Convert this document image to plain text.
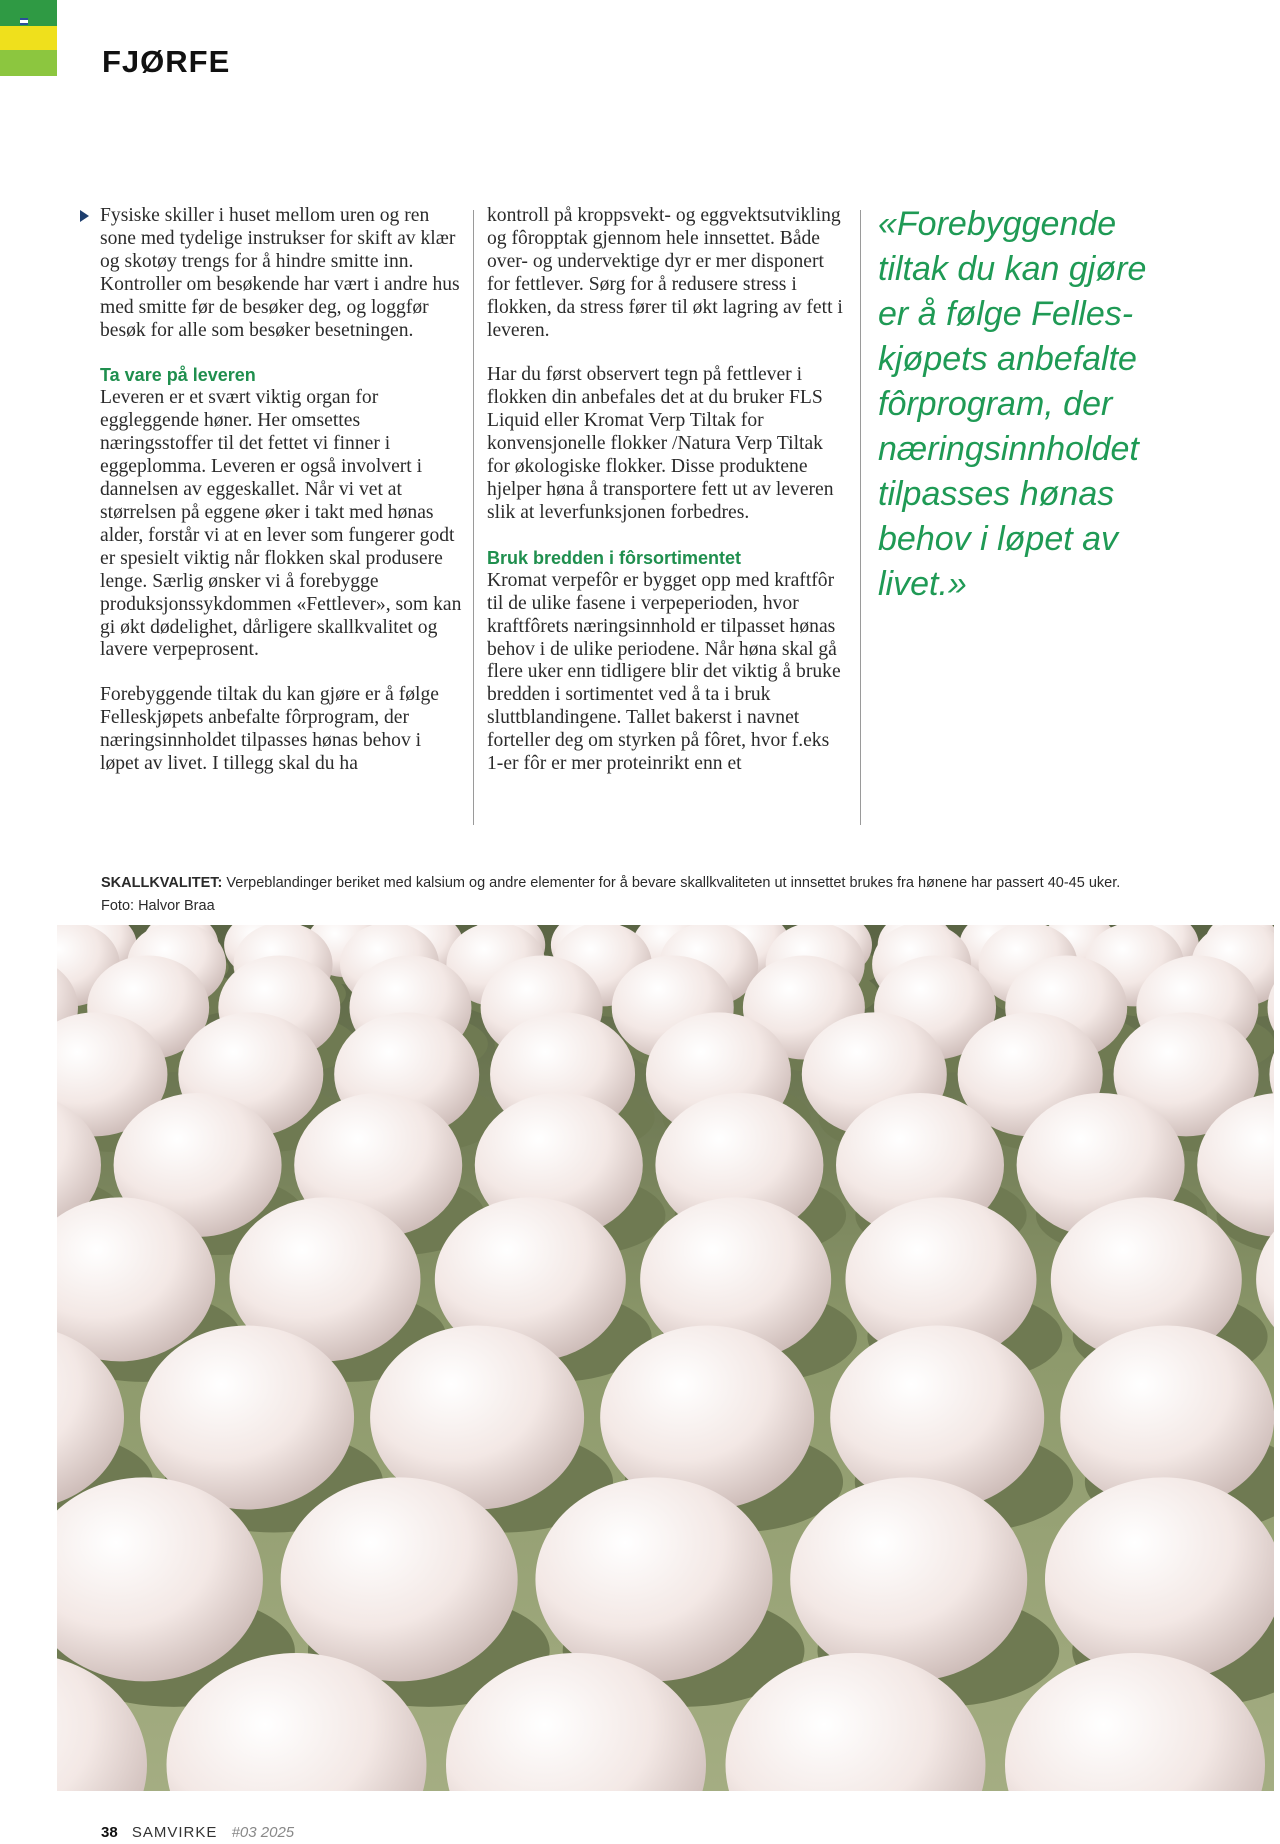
FJØRFE

Fysiske skiller i huset mellom uren og ren sone med tydelige instrukser for skift av klær og skotøy trengs for å hindre smitte inn. Kontroller om besøkende har vært i andre hus med smitte før de besøker deg, og loggfør besøk for alle som besøker besetningen.

Ta vare på leveren

Leveren er et svært viktig organ for eggleggende høner. Her omsettes næringsstoffer til det fettet vi finner i eggeplomma. Leveren er også involvert i dannelsen av eggeskallet. Når vi vet at størrelsen på eggene øker i takt med hønas alder, forstår vi at en lever som fungerer godt er spesielt viktig når flokken skal produsere lenge. Særlig ønsker vi å forebygge produksjonssykdommen «Fettlever», som kan gi økt dødelighet, dårligere skallkvalitet og lavere verpeprosent.

Forebyggende tiltak du kan gjøre er å følge Felleskjøpets anbefalte fôrprogram, der næringsinnholdet tilpasses hønas behov i løpet av livet. I tillegg skal du ha

kontroll på kroppsvekt- og eggvektsutvikling og fôropptak gjennom hele innsettet. Både over- og undervektige dyr er mer disponert for fettlever. Sørg for å redusere stress i flokken, da stress fører til økt lagring av fett i leveren.

Har du først observert tegn på fettlever i flokken din anbefales det at du bruker FLS Liquid eller Kromat Verp Tiltak for konvensjonelle flokker /Natura Verp Tiltak for økologiske flokker. Disse produktene hjelper høna å transportere fett ut av leveren slik at leverfunksjonen forbedres.

Bruk bredden i fôrsortimentet

Kromat verpefôr er bygget opp med kraftfôr til de ulike fasene i verpeperioden, hvor kraftfôrets næringsinnhold er tilpasset hønas behov i de ulike periodene. Når høna skal gå flere uker enn tidligere blir det viktig å bruke bredden i sortimentet ved å ta i bruk sluttblandingene. Tallet bakerst i navnet forteller deg om styrken på fôret, hvor f.eks 1-er fôr er mer proteinrikt enn et

«Forebyggende tiltak du kan gjøre er å følge Felleskjøpets anbefalte fôrprogram, der næringsinnholdet tilpasses hønas behov i løpet av livet.»

SKALLKVALITET: Verpeblandinger beriket med kalsium og andre elementer for å bevare skallkvaliteten ut innsettet brukes fra hønene har passert 40-45 uker.
Foto: Halvor Braa
38 SAMVIRKE #03 2025
